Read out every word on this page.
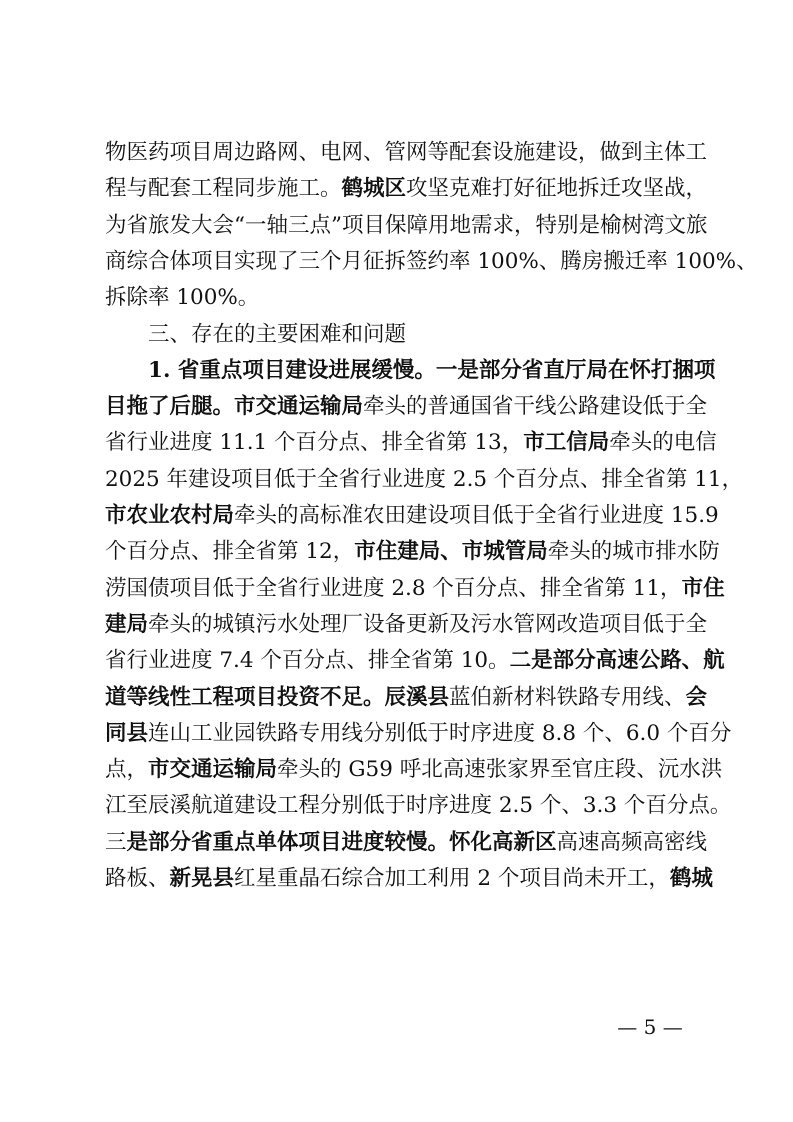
物医药项目周边路网、电网、管网等配套设施建设，做到主体工
程与配套工程同步施工。鹤城区攻坚克难打好征地拆迁攻坚战，
为省旅发大会“一轴三点”项目保障用地需求，特别是榆树湾文旅
商综合体项目实现了三个月征拆签约率 100%、腾房搬迁率 100%、
拆除率 100%。
三、存在的主要困难和问题
1. 省重点项目建设进展缓慢。一是部分省直厅局在怀打捆项
目拖了后腿。市交通运输局牵头的普通国省干线公路建设低于全
省行业进度 11.1 个百分点、排全省第 13，市工信局牵头的电信
2025 年建设项目低于全省行业进度 2.5 个百分点、排全省第 11，
市农业农村局牵头的高标准农田建设项目低于全省行业进度 15.9
个百分点、排全省第 12，市住建局、市城管局牵头的城市排水防
涝国债项目低于全省行业进度 2.8 个百分点、排全省第 11，市住
建局牵头的城镇污水处理厂设备更新及污水管网改造项目低于全
省行业进度 7.4 个百分点、排全省第 10。二是部分高速公路、航
道等线性工程项目投资不足。辰溪县蓝伯新材料铁路专用线、会
同县连山工业园铁路专用线分别低于时序进度 8.8 个、6.0 个百分
点，市交通运输局牵头的 G59 呼北高速张家界至官庄段、沅水洪
江至辰溪航道建设工程分别低于时序进度 2.5 个、3.3 个百分点。
三是部分省重点单体项目进度较慢。怀化高新区高速高频高密线
路板、新晃县红星重晶石综合加工利用 2 个项目尚未开工，鹤城
— 5 —
